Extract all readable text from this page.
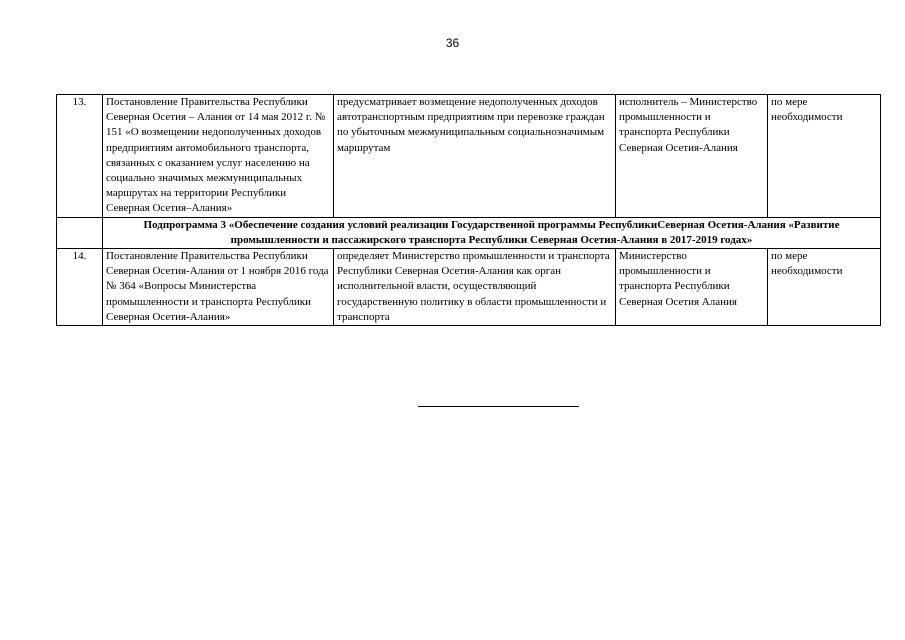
36
13.	Постановление Правительства Республики Северная Осетия – Алания от 14 мая 2012 г. № 151 «О возмещении недополученных доходов предприятиям автомобильного транспорта, связанных с оказанием услуг населению на социально значимых межмуниципальных маршрутах на территории Республики Северная Осетия–Алания»	предусматривает возмещение недополученных доходов автотранспортным предприятиям при перевозке граждан по убыточным межмуниципальным социальнозначимым маршрутам	исполнитель – Министерство промышленности и транспорта Республики Северная Осетия-Алания	по мере необходимости
	Подпрограмма 3 «Обеспечение создания условий реализации Государственной программы РеспубликиСеверная Осетия-Алания «Развитие промышленности и пассажирского транспорта Республики Северная Осетия-Алания в 2017-2019 годах»			
14.	Постановление Правительства Республики Северная Осетия-Алания от 1 ноября 2016 года № 364 «Вопросы Министерства промышленности и транспорта Республики Северная Осетия-Алания»	определяет Министерство промышленности и транспорта Республики Северная Осетия-Алания как орган исполнительной власти, осуществляющий государственную политику в области промышленности и транспорта	Министерство промышленности и транспорта Республики Северная Осетия Алания	по мере необходимости
